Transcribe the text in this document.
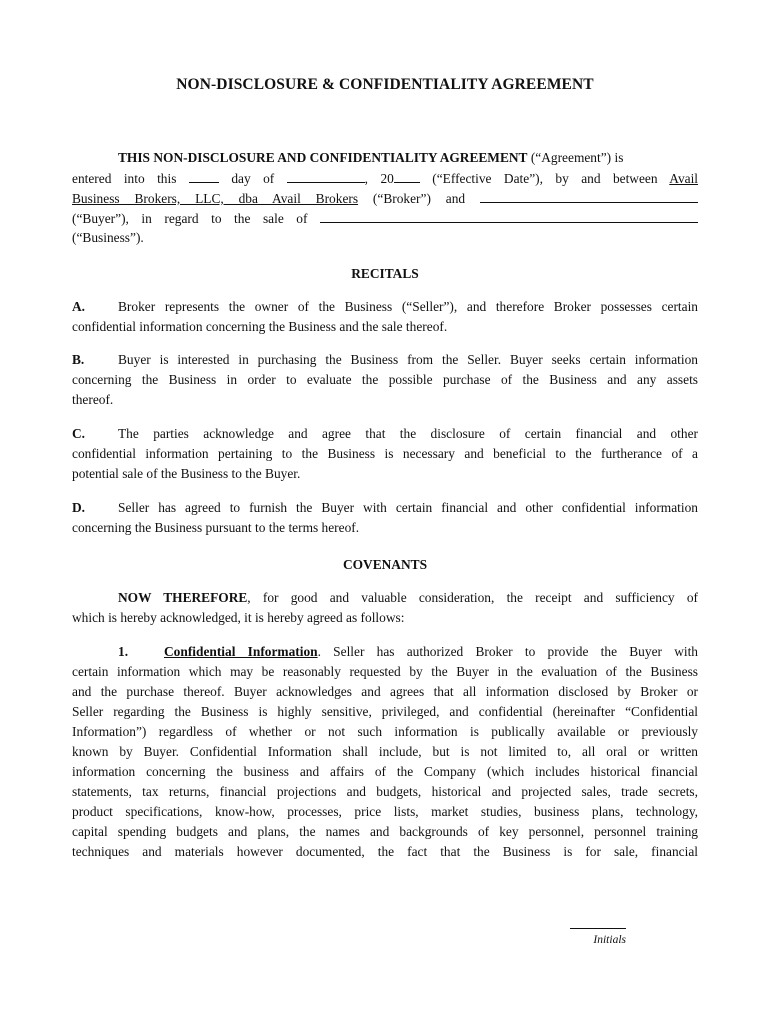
NON-DISCLOSURE & CONFIDENTIALITY AGREEMENT
THIS NON-DISCLOSURE AND CONFIDENTIALITY AGREEMENT (“Agreement”) is
entered into this	day of	, 20	(“Effective Date”), by and between Avail
Business Brokers, LLC, dba Avail Brokers (“Broker”) and
(“Buyer”), in regard to the sale of
(“Business”).
RECITALS
A. Broker represents the owner of the Business (“Seller”), and therefore Broker possesses certain
confidential information concerning the Business and the sale thereof.
B.	Buyer is interested in purchasing the Business from the Seller. Buyer seeks certain information
concerning the Business in order to evaluate the possible purchase of the Business and any assets
thereof.
C. The parties acknowledge and agree that the disclosure of certain financial and other
confidential information pertaining to the Business is necessary and beneficial to the furtherance of a
potential sale of the Business to the Buyer.
D. Seller has agreed to furnish the Buyer with certain financial and other confidential information
concerning the Business pursuant to the terms hereof.
COVENANTS
NOW THEREFORE, for good and valuable consideration, the receipt and sufficiency of
which is hereby acknowledged, it is hereby agreed as follows:
1.	Confidential Information. Seller has authorized Broker to provide the Buyer with
certain information which may be reasonably requested by the Buyer in the evaluation of the Business
and the purchase thereof. Buyer acknowledges and agrees that all information disclosed by Broker or
Seller regarding the Business is highly sensitive, privileged, and confidential (hereinafter “Confidential
Information”) regardless of whether or not such information is publically available or previously
known by Buyer. Confidential Information shall include, but is not limited to, all oral or written
information concerning the business and affairs of the Company (which includes historical financial
statements, tax returns, financial projections and budgets, historical and projected sales, trade secrets,
product specifications, know-how, processes, price lists, market studies, business plans, technology,
capital spending budgets and plans, the names and backgrounds of key personnel, personnel training
techniques and materials however documented, the fact that the Business is for sale, financial
Initials
